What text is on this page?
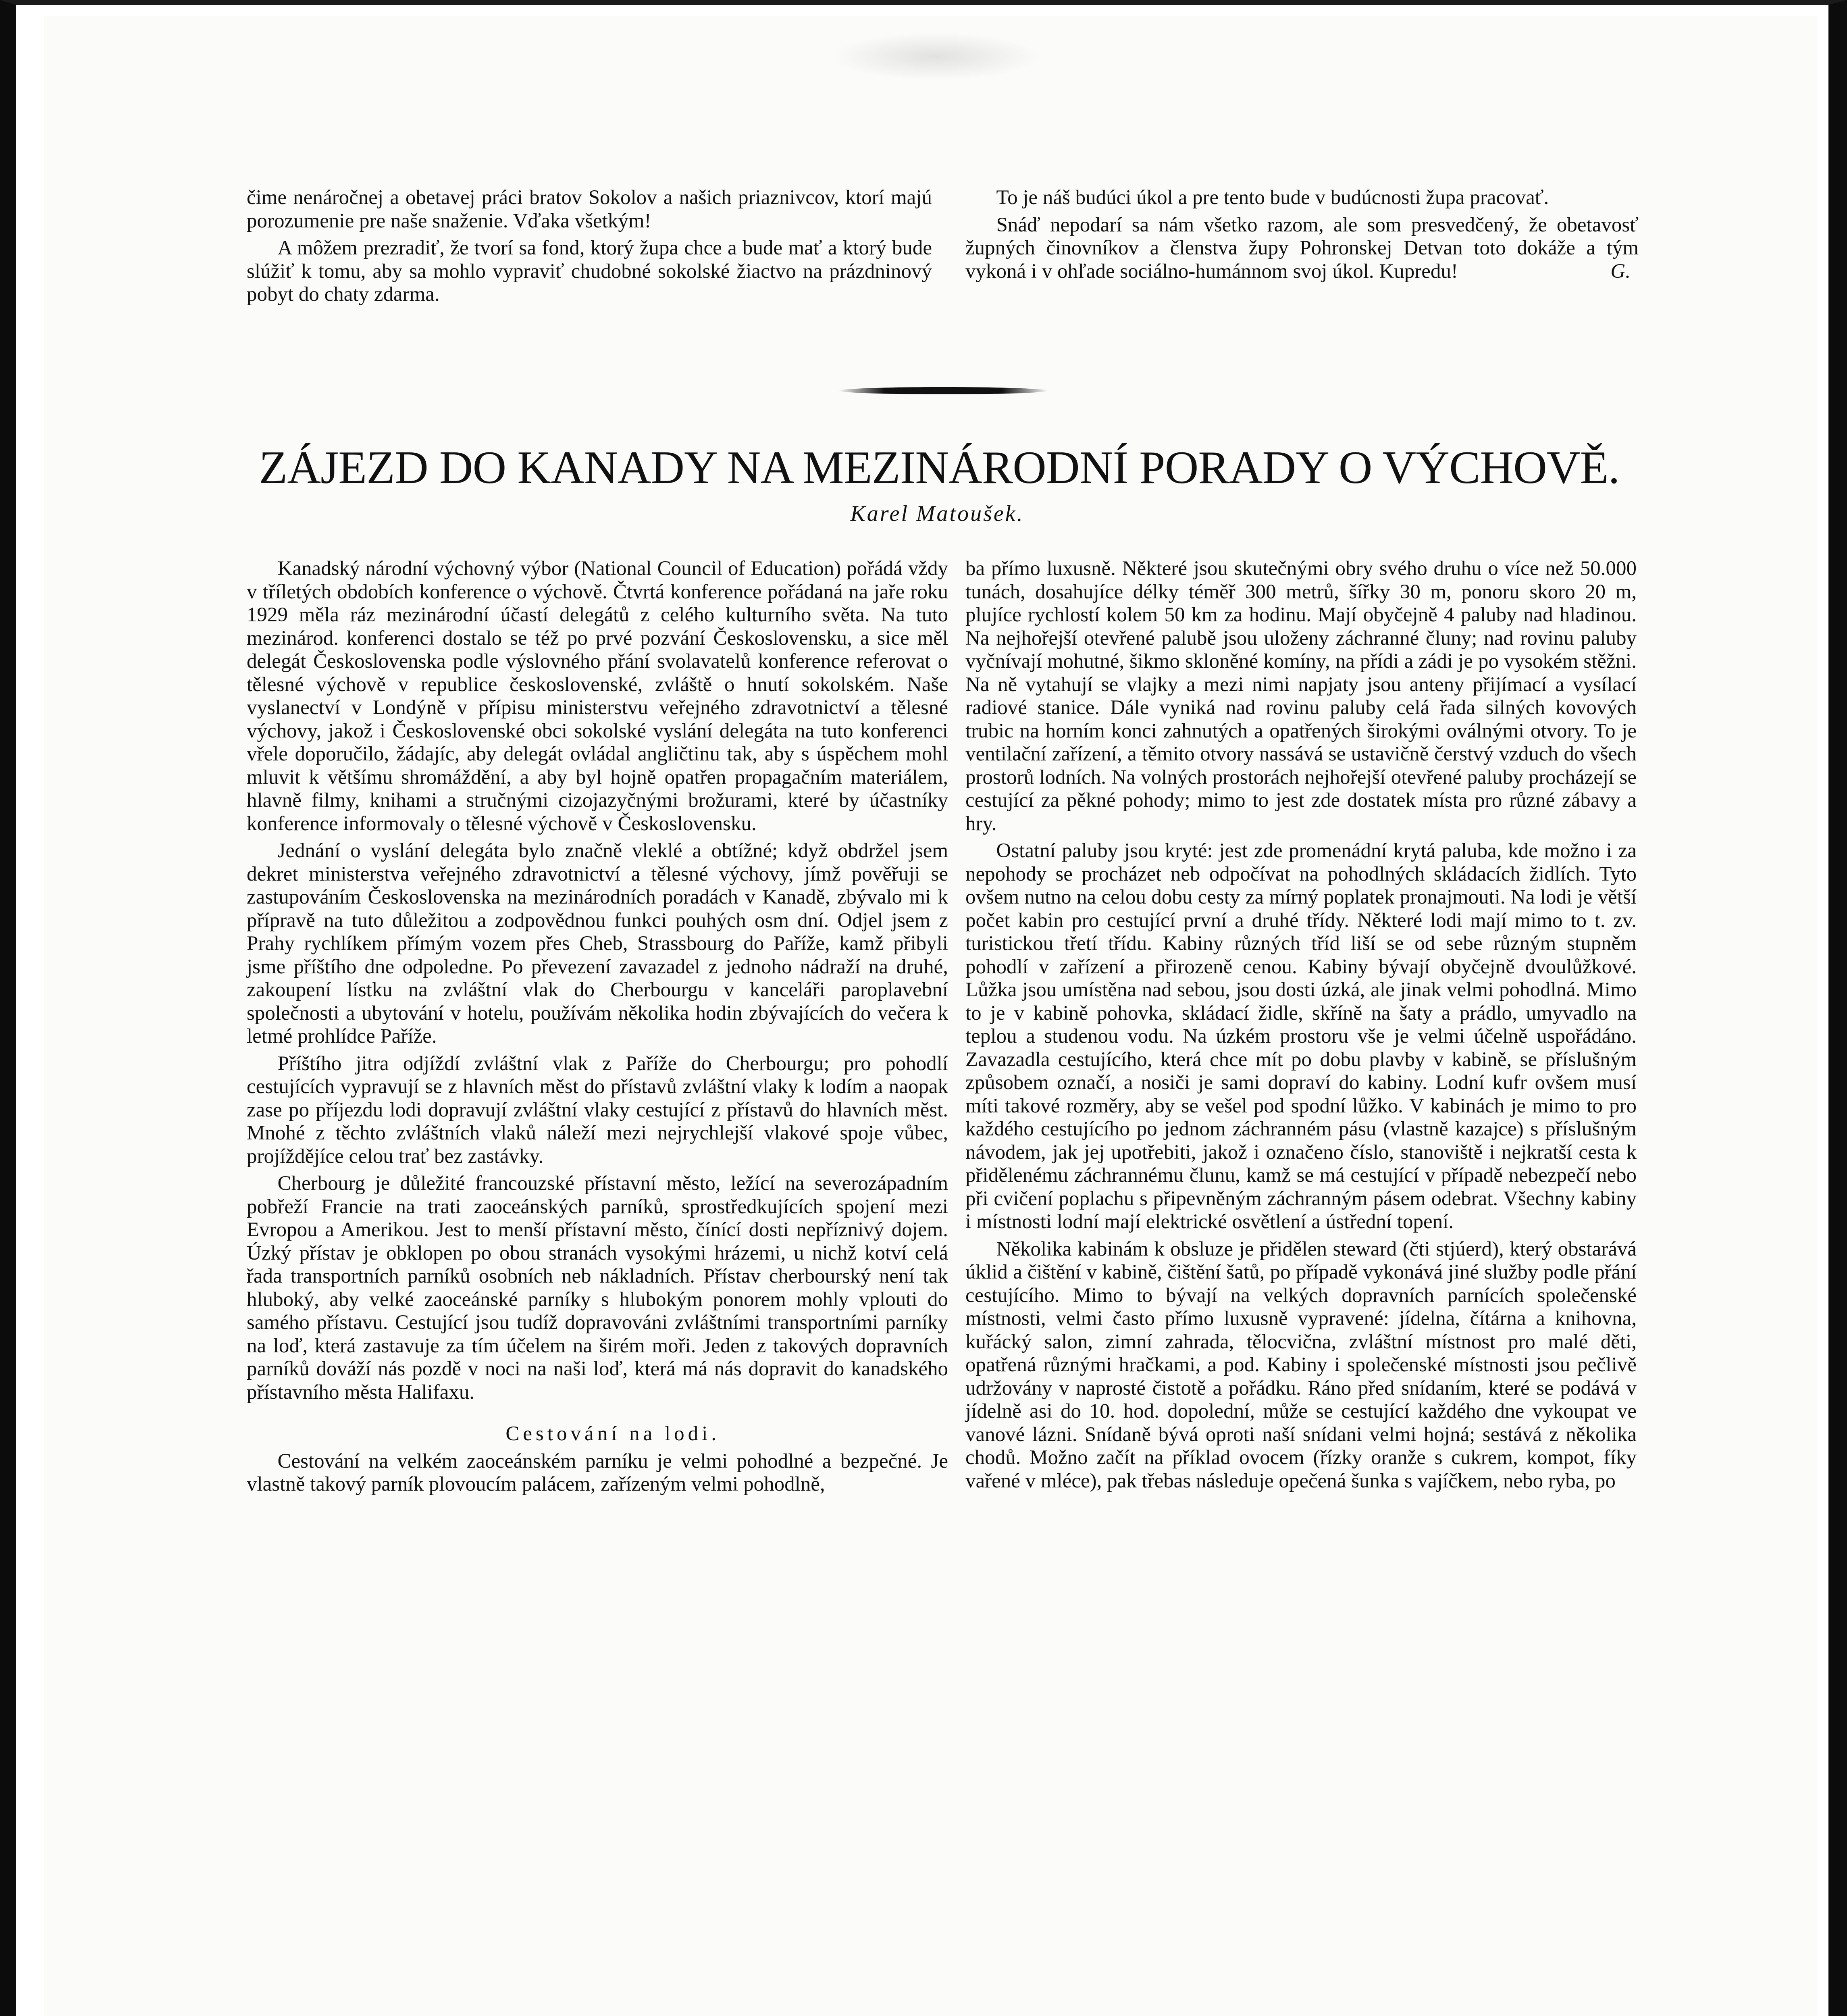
čime nenáročnej a obetavej práci bratov Sokolov a našich priaznivcov, ktorí majú porozumenie pre naše snaženie. Vďaka všetkým!

A môžem prezradiť, že tvorí sa fond, ktorý župa chce a bude mať a ktorý bude slúžiť k tomu, aby sa mohlo vypraviť chudobné sokolské žiactvo na prázdninový pobyt do chaty zdarma.

To je náš budúci úkol a pre tento bude v budúcnosti župa pracovať.

Snáď nepodarí sa nám všetko razom, ale som presvedčený, že obetavosť župných činovníkov a členstva župy Pohronskej Detvan toto dokáže a tým vykoná i v ohľade sociálno-humánnom svoj úkol. Kupredu!	G.

ZÁJEZD DO KANADY NA MEZINÁRODNÍ PORADY O VÝCHOVĚ.
Karel Matoušek.

Kanadský národní výchovný výbor (National Council of Education) pořádá vždy v tříletých obdobích konference o výchově. Čtvrtá konference pořádaná na jaře roku 1929 měla ráz mezinárodní účastí delegátů z celého kulturního světa. Na tuto mezinárod. konferenci dostalo se též po prvé pozvání Československu, a sice měl delegát Československa podle výslovného přání svolavatelů konference referovat o tělesné výchově v republice československé, zvláště o hnutí sokolském. Naše vyslanectví v Londýně v přípisu ministerstvu veřejného zdravotnictví a tělesné výchovy, jakož i Československé obci sokolské vyslání delegáta na tuto konferenci vřele doporučilo, žádajíc, aby delegát ovládal angličtinu tak, aby s úspěchem mohl mluvit k většímu shromáždění, a aby byl hojně opatřen propagačním materiálem, hlavně filmy, knihami a stručnými cizojazyčnými brožurami, které by účastníky konference informovaly o tělesné výchově v Československu.

Jednání o vyslání delegáta bylo značně vleklé a obtížné; když obdržel jsem dekret ministerstva veřejného zdravotnictví a tělesné výchovy, jímž pověřuji se zastupováním Československa na mezinárodních poradách v Kanadě, zbývalo mi k přípravě na tuto důležitou a zodpovědnou funkci pouhých osm dní. Odjel jsem z Prahy rychlíkem přímým vozem přes Cheb, Strassbourg do Paříže, kamž přibyli jsme příštího dne odpoledne. Po převezení zavazadel z jednoho nádraží na druhé, zakoupení lístku na zvláštní vlak do Cherbourgu v kanceláři paroplavební společnosti a ubytování v hotelu, používám několika hodin zbývajících do večera k letmé prohlídce Paříže.

Příštího jitra odjíždí zvláštní vlak z Paříže do Cherbourgu; pro pohodlí cestujících vypravují se z hlavních měst do přístavů zvláštní vlaky k lodím a naopak zase po příjezdu lodi dopravují zvláštní vlaky cestující z přístavů do hlavních měst. Mnohé z těchto zvláštních vlaků náleží mezi nejrychlejší vlakové spoje vůbec, projíždějíce celou trať bez zastávky.

Cherbourg je důležité francouzské přístavní město, ležící na severozápadním pobřeží Francie na trati zaoceánských parníků, sprostředkujících spojení mezi Evropou a Amerikou. Jest to menší přístavní město, čínící dosti nepříznivý dojem. Úzký přístav je obklopen po obou stranách vysokými hrázemi, u nichž kotví celá řada transportních parníků osobních neb nákladních. Přístav cherbourský není tak hluboký, aby velké zaoceánské parníky s hlubokým ponorem mohly vplouti do samého přístavu. Cestující jsou tudíž dopravováni zvláštními transportními parníky na loď, která zastavuje za tím účelem na širém moři. Jeden z takových dopravních parníků dováží nás pozdě v noci na naši loď, která má nás dopravit do kanadského přístavního města Halifaxu.

Cestování na lodi.

Cestování na velkém zaoceánském parníku je velmi pohodlné a bezpečné. Je vlastně takový parník plovoucím palácem, zařízeným velmi pohodlně,

ba přímo luxusně. Některé jsou skutečnými obry svého druhu o více než 50.000 tunách, dosahujíce délky téměř 300 metrů, šířky 30 m, ponoru skoro 20 m, plujíce rychlostí kolem 50 km za hodinu. Mají obyčejně 4 paluby nad hladinou. Na nejhořejší otevřené palubě jsou uloženy záchranné čluny; nad rovinu paluby vyčnívají mohutné, šikmo skloněné komíny, na přídi a zádi je po vysokém stěžni. Na ně vytahují se vlajky a mezi nimi napjaty jsou anteny přijímací a vysílací radiové stanice. Dále vyniká nad rovinu paluby celá řada silných kovových trubic na horním konci zahnutých a opatřených širokými oválnými otvory. To je ventilační zařízení, a těmito otvory nassává se ustavičně čerstvý vzduch do všech prostorů lodních. Na volných prostorách nejhořejší otevřené paluby procházejí se cestující za pěkné pohody; mimo to jest zde dostatek místa pro různé zábavy a hry.

Ostatní paluby jsou kryté: jest zde promenádní krytá paluba, kde možno i za nepohody se procházet neb odpočívat na pohodlných skládacích židlích. Tyto ovšem nutno na celou dobu cesty za mírný poplatek pronajmouti. Na lodi je větší počet kabin pro cestující první a druhé třídy. Některé lodi mají mimo to t. zv. turistickou třetí třídu. Kabiny různých tříd liší se od sebe různým stupněm pohodlí v zařízení a přirozeně cenou. Kabiny bývají obyčejně dvoulůžkové. Lůžka jsou umístěna nad sebou, jsou dosti úzká, ale jinak velmi pohodlná. Mimo to je v kabině pohovka, skládací židle, skříně na šaty a prádlo, umyvadlo na teplou a studenou vodu. Na úzkém prostoru vše je velmi účelně uspořádáno. Zavazadla cestujícího, která chce mít po dobu plavby v kabině, se příslušným způsobem označí, a nosiči je sami dopraví do kabiny. Lodní kufr ovšem musí míti takové rozměry, aby se vešel pod spodní lůžko. V kabinách je mimo to pro každého cestujícího po jednom záchranném pásu (vlastně kazajce) s příslušným návodem, jak jej upotřebiti, jakož i označeno číslo, stanoviště i nejkratší cesta k přidělenému záchrannému člunu, kamž se má cestující v případě nebezpečí nebo při cvičení poplachu s připevněným záchranným pásem odebrat. Všechny kabiny i místnosti lodní mají elektrické osvětlení a ústřední topení.

Několika kabinám k obsluze je přidělen steward (čti stjúerd), který obstarává úklid a čištění v kabině, čištění šatů, po případě vykonává jiné služby podle přání cestujícího. Mimo to bývají na velkých dopravních parnících společenské místnosti, velmi často přímo luxusně vypravené: jídelna, čítárna a knihovna, kuřácký salon, zimní zahrada, tělocvična, zvláštní místnost pro malé děti, opatřená různými hračkami, a pod. Kabiny i společenské místnosti jsou pečlivě udržovány v naprosté čistotě a pořádku. Ráno před snídaním, které se podává v jídelně asi do 10. hod. dopolední, může se cestující každého dne vykoupat ve vanové lázni. Snídaně bývá oproti naší snídani velmi hojná; sestává z několika chodů. Možno začít na příklad ovocem (řízky oranže s cukrem, kompot, fíky vařené v mléce), pak třebas následuje opečená šunka s vajíčkem, nebo ryba, po
